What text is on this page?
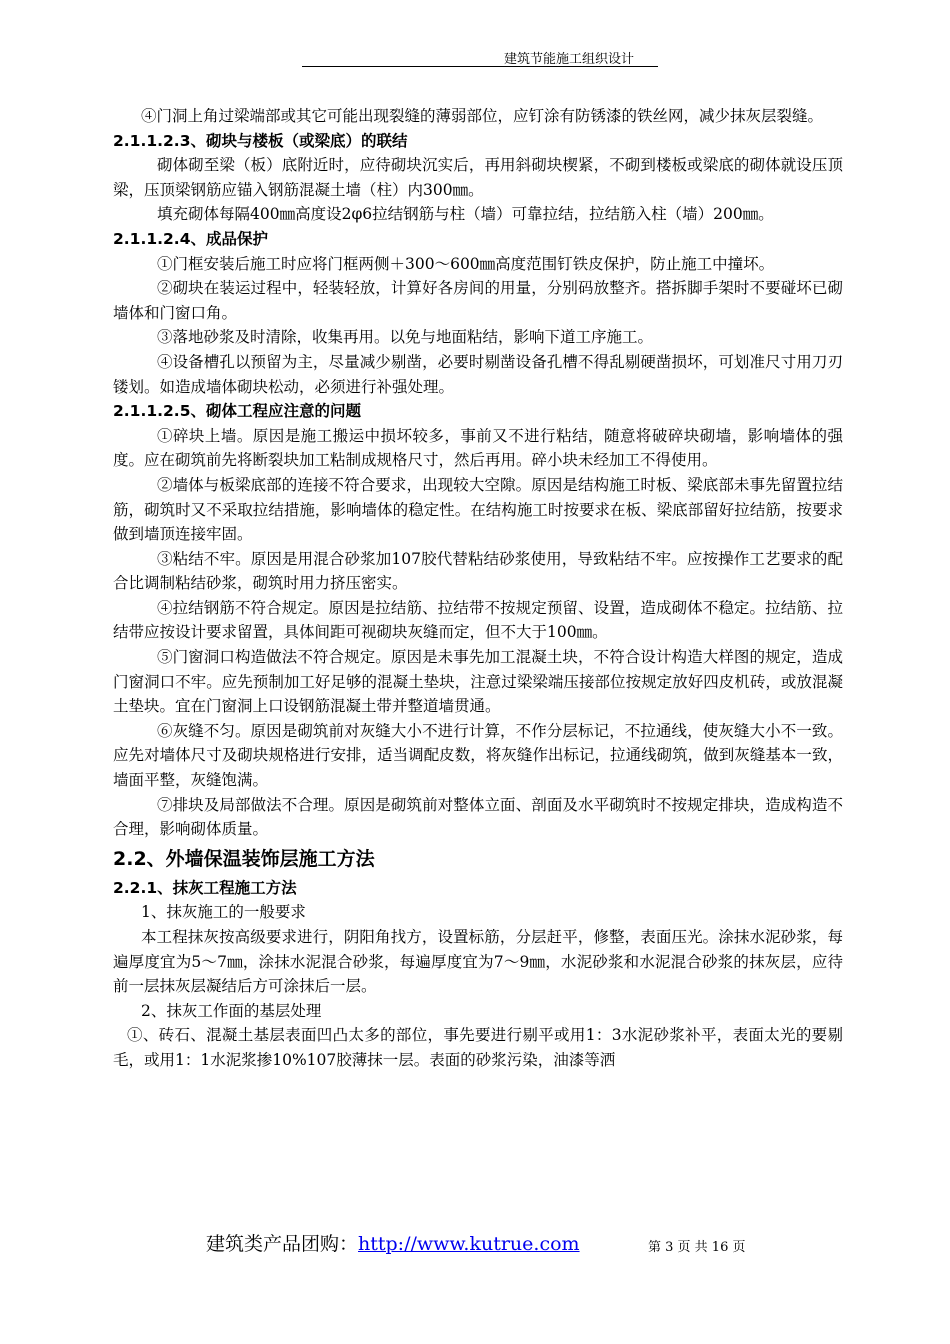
建筑节能施工组织设计
④门洞上角过梁端部或其它可能出现裂缝的薄弱部位，应钉涂有防锈漆的铁丝网，减少抹灰层裂缝。
2.1.1.2.3、砌块与楼板（或梁底）的联结
砌体砌至梁（板）底附近时，应待砌块沉实后，再用斜砌块楔紧，不砌到楼板或梁底的砌体就设压顶梁，压顶梁钢筋应锚入钢筋混凝土墙（柱）内300㎜。
填充砌体每隔400㎜高度设2φ6拉结钢筋与柱（墙）可靠拉结，拉结筋入柱（墙）200㎜。
2.1.1.2.4、成品保护
①门框安装后施工时应将门框两侧＋300～600㎜高度范围钉铁皮保护，防止施工中撞坏。
②砌块在装运过程中，轻装轻放，计算好各房间的用量，分别码放整齐。搭拆脚手架时不要碰坏已砌墙体和门窗口角。
③落地砂浆及时清除，收集再用。以免与地面粘结，影响下道工序施工。
④设备槽孔以预留为主，尽量减少剔凿，必要时剔凿设备孔槽不得乱剔硬凿损坏，可划准尺寸用刀刃镂划。如造成墙体砌块松动，必须进行补强处理。
2.1.1.2.5、砌体工程应注意的问题
①碎块上墙。原因是施工搬运中损坏较多，事前又不进行粘结，随意将破碎块砌墙，影响墙体的强度。应在砌筑前先将断裂块加工粘制成规格尺寸，然后再用。碎小块未经加工不得使用。
②墙体与板梁底部的连接不符合要求，出现较大空隙。原因是结构施工时板、梁底部未事先留置拉结筋，砌筑时又不采取拉结措施，影响墙体的稳定性。在结构施工时按要求在板、梁底部留好拉结筋，按要求做到墙顶连接牢固。
③粘结不牢。原因是用混合砂浆加107胶代替粘结砂浆使用，导致粘结不牢。应按操作工艺要求的配合比调制粘结砂浆，砌筑时用力挤压密实。
④拉结钢筋不符合规定。原因是拉结筋、拉结带不按规定预留、设置，造成砌体不稳定。拉结筋、拉结带应按设计要求留置，具体间距可视砌块灰缝而定，但不大于100㎜。
⑤门窗洞口构造做法不符合规定。原因是未事先加工混凝土块，不符合设计构造大样图的规定，造成门窗洞口不牢。应先预制加工好足够的混凝土垫块，注意过梁梁端压接部位按规定放好四皮机砖，或放混凝土垫块。宜在门窗洞上口设钢筋混凝土带并整道墙贯通。
⑥灰缝不匀。原因是砌筑前对灰缝大小不进行计算，不作分层标记，不拉通线，使灰缝大小不一致。应先对墙体尺寸及砌块规格进行安排，适当调配皮数，将灰缝作出标记，拉通线砌筑，做到灰缝基本一致，墙面平整，灰缝饱满。
⑦排块及局部做法不合理。原因是砌筑前对整体立面、剖面及水平砌筑时不按规定排块，造成构造不合理，影响砌体质量。
2.2、外墙保温装饰层施工方法
2.2.1、抹灰工程施工方法
1、抹灰施工的一般要求
本工程抹灰按高级要求进行，阴阳角找方，设置标筋，分层赶平，修整，表面压光。涂抹水泥砂浆，每遍厚度宜为5～7㎜，涂抹水泥混合砂浆，每遍厚度宜为7～9㎜，水泥砂浆和水泥混合砂浆的抹灰层，应待前一层抹灰层凝结后方可涂抹后一层。
2、抹灰工作面的基层处理
①、砖石、混凝土基层表面凹凸太多的部位，事先要进行剔平或用1：3水泥砂浆补平，表面太光的要剔毛，或用1：1水泥浆掺10%107胶薄抹一层。表面的砂浆污染，油漆等洒
建筑类产品团购：http://www.kutrue.com	第 3 页 共 16 页
